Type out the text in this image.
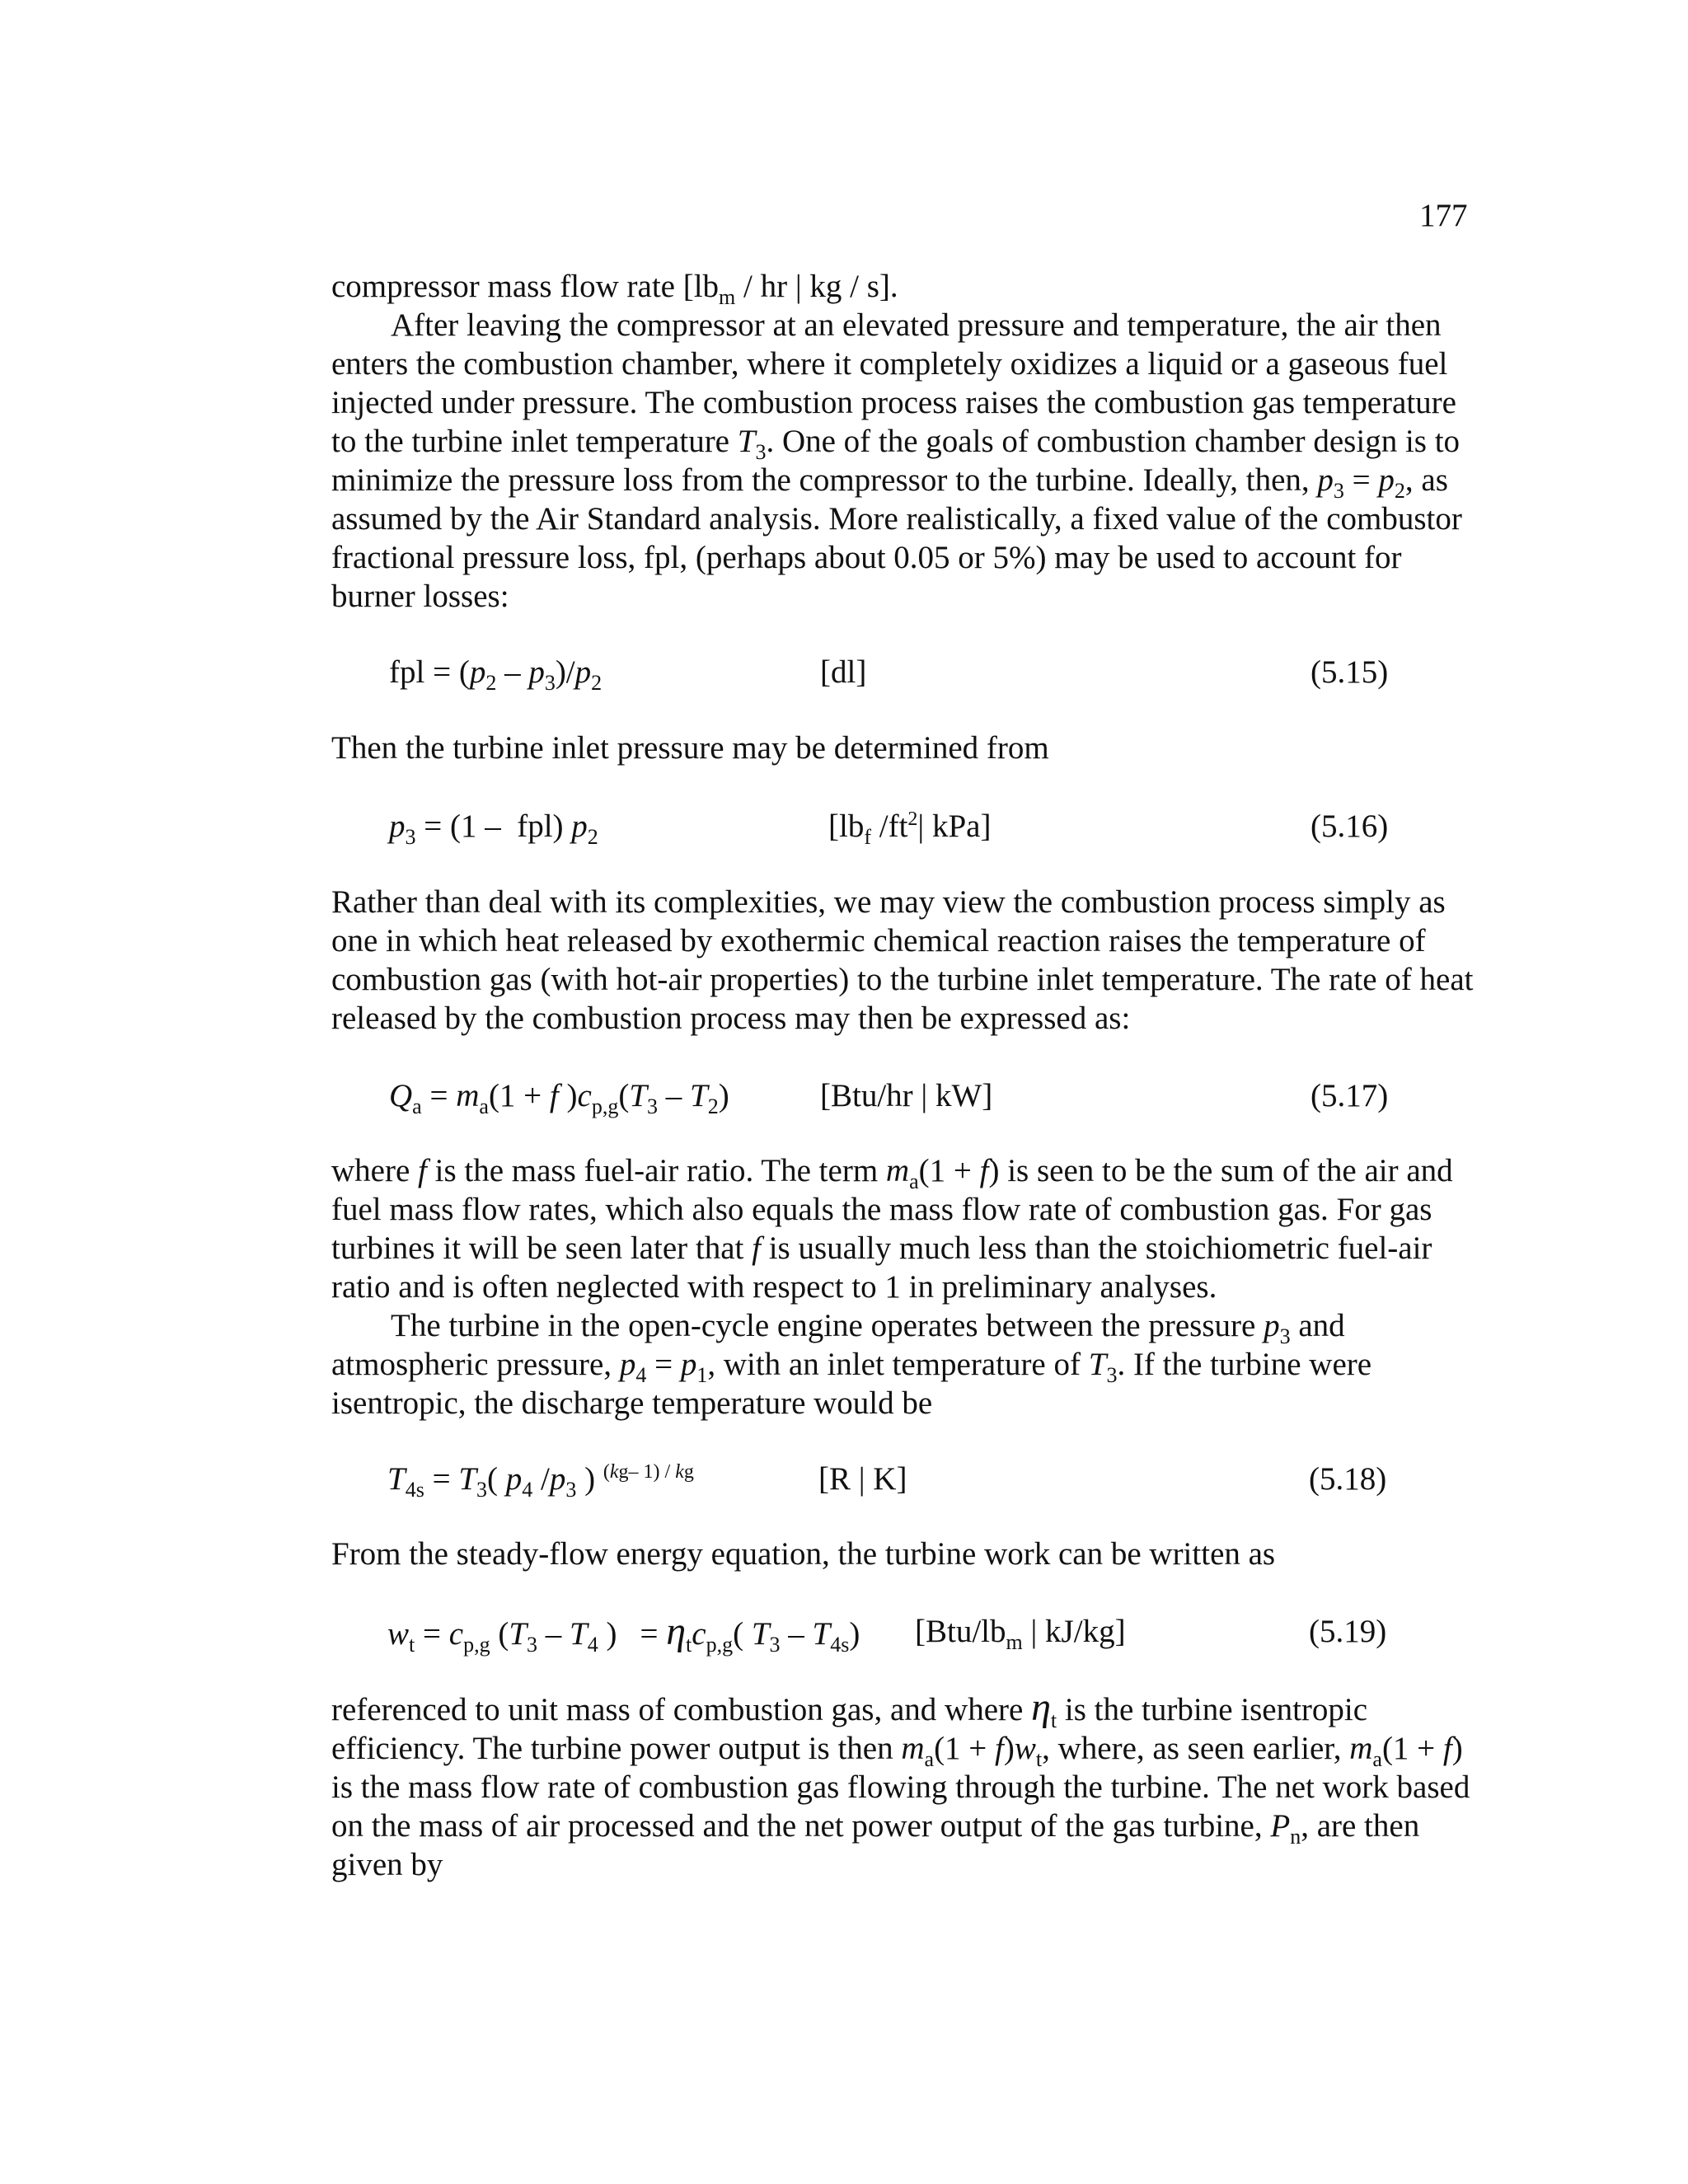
177

compressor mass flow rate [$lb_m$ / hr | kg / s].

After leaving the compressor at an elevated pressure and temperature, the air then enters the combustion chamber, where it completely oxidizes a liquid or a gaseous fuel injected under pressure. The combustion process raises the combustion gas temperature to the turbine inlet temperature $T_3$. One of the goals of combustion chamber design is to minimize the pressure loss from the compressor to the turbine. Ideally, then, $p_3 = p_2$, as assumed by the Air Standard analysis. More realistically, a fixed value of the combustor fractional pressure loss, fpl, (perhaps about 0.05 or 5%) may be used to account for burner losses:

fpl = $(p_2 - p_3)/p_2$	[dl]	(5.15)

Then the turbine inlet pressure may be determined from

$p_3 = (1 - fpl)$ $p_2$	[$lb_f$ $/ft^2|$ kPa]	(5.16)

Rather than deal with its complexities, we may view the combustion process simply as one in which heat released by exothermic chemical reaction raises the temperature of combustion gas (with hot-air properties) to the turbine inlet temperature. The rate of heat released by the combustion process may then be expressed as:

$Q_a = m_a(1 + f$ )$c_{p,g}(T_3 - T_2)$	[Btu/hr | kW]	(5.17)

where f is the mass fuel-air ratio. The term $m_a(1 + f)$ is seen to be the sum of the air and fuel mass flow rates, which also equals the mass flow rate of combustion gas. For gas turbines it will be seen later that f is usually much less than the stoichiometric fuel-air ratio and is often neglected with respect to 1 in preliminary analyses.

The turbine in the open-cycle engine operates between the pressure $p_3$ and atmospheric pressure, $p_4 = p_1$, with an inlet temperature of $T_3$. If the turbine were isentropic, the discharge temperature would be

$T_{4s} = T_3$( $p_4$ $/p_3$ ) $^{(kg- 1) / kg}$	[R | K]	(5.18)

From the steady-flow energy equation, the turbine work can be written as

$w_t = c_{p,g}$ ($T_3 - T_4$ ) = $\eta_tc_{p,g}$( $T_3 - T_{4s}$) [$Btu/lb_m$ | kJ/kg]	(5.19)

referenced to unit mass of combustion gas, and where $\eta_t$ is the turbine isentropic efficiency. The turbine power output is then $m_a(1 + f)w_t$, where, as seen earlier, $m_a(1 + f)$ is the mass flow rate of combustion gas flowing through the turbine. The net work based on the mass of air processed and the net power output of the gas turbine, $P_n$, are then given by
